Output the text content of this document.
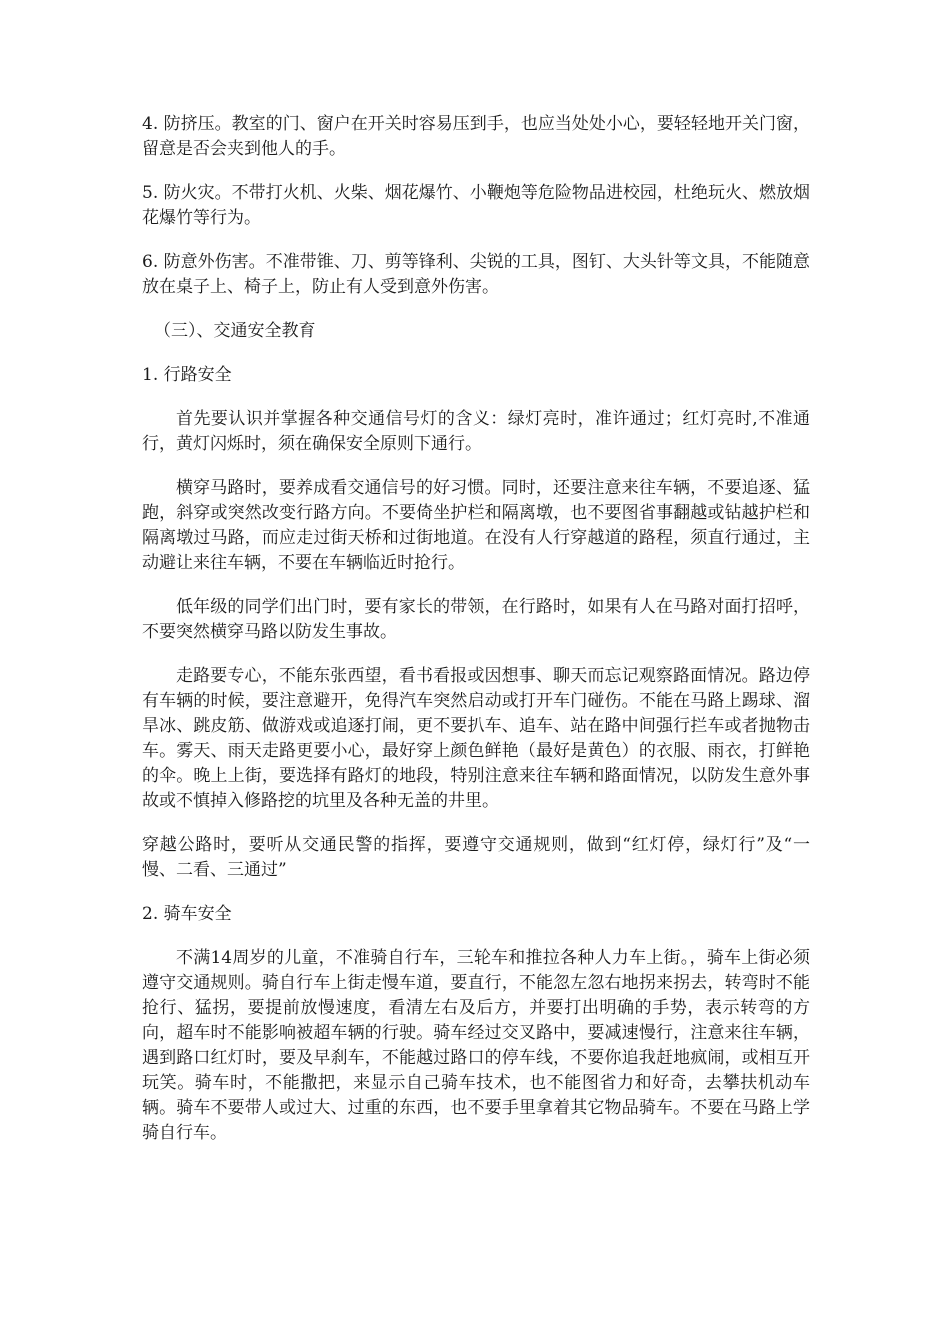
4. 防挤压。教室的门、窗户在开关时容易压到手，也应当处处小心，要轻轻地开关门窗，留意是否会夹到他人的手。

5. 防火灾。不带打火机、火柴、烟花爆竹、小鞭炮等危险物品进校园，杜绝玩火、燃放烟花爆竹等行为。

6. 防意外伤害。不准带锥、刀、剪等锋利、尖锐的工具，图钉、大头针等文具，不能随意放在桌子上、椅子上，防止有人受到意外伤害。

（三）、交通安全教育

1. 行路安全

首先要认识并掌握各种交通信号灯的含义：绿灯亮时，准许通过；红灯亮时,不准通行，黄灯闪烁时，须在确保安全原则下通行。

横穿马路时，要养成看交通信号的好习惯。同时，还要注意来往车辆，不要追逐、猛跑，斜穿或突然改变行路方向。不要倚坐护栏和隔离墩，也不要图省事翻越或钻越护栏和隔离墩过马路，而应走过街天桥和过街地道。在没有人行穿越道的路程，须直行通过，主动避让来往车辆，不要在车辆临近时抢行。

低年级的同学们出门时，要有家长的带领，在行路时，如果有人在马路对面打招呼，不要突然横穿马路以防发生事故。

走路要专心，不能东张西望，看书看报或因想事、聊天而忘记观察路面情况。路边停有车辆的时候，要注意避开，免得汽车突然启动或打开车门碰伤。不能在马路上踢球、溜旱冰、跳皮筋、做游戏或追逐打闹，更不要扒车、追车、站在路中间强行拦车或者抛物击车。雾天、雨天走路更要小心，最好穿上颜色鲜艳（最好是黄色）的衣服、雨衣，打鲜艳的伞。晚上上街，要选择有路灯的地段，特别注意来往车辆和路面情况，以防发生意外事故或不慎掉入修路挖的坑里及各种无盖的井里。

穿越公路时，要听从交通民警的指挥，要遵守交通规则，做到“红灯停，绿灯行”及“一慢、二看、三通过”

2. 骑车安全

不满14周岁的儿童，不准骑自行车，三轮车和推拉各种人力车上街。，骑车上街必须遵守交通规则。骑自行车上街走慢车道，要直行，不能忽左忽右地拐来拐去，转弯时不能抢行、猛拐，要提前放慢速度，看清左右及后方，并要打出明确的手势，表示转弯的方向，超车时不能影响被超车辆的行驶。骑车经过交叉路中，要减速慢行，注意来往车辆，遇到路口红灯时，要及早刹车，不能越过路口的停车线，不要你追我赶地疯闹，或相互开玩笑。骑车时，不能撒把，来显示自己骑车技术，也不能图省力和好奇，去攀扶机动车辆。骑车不要带人或过大、过重的东西，也不要手里拿着其它物品骑车。不要在马路上学骑自行车。
